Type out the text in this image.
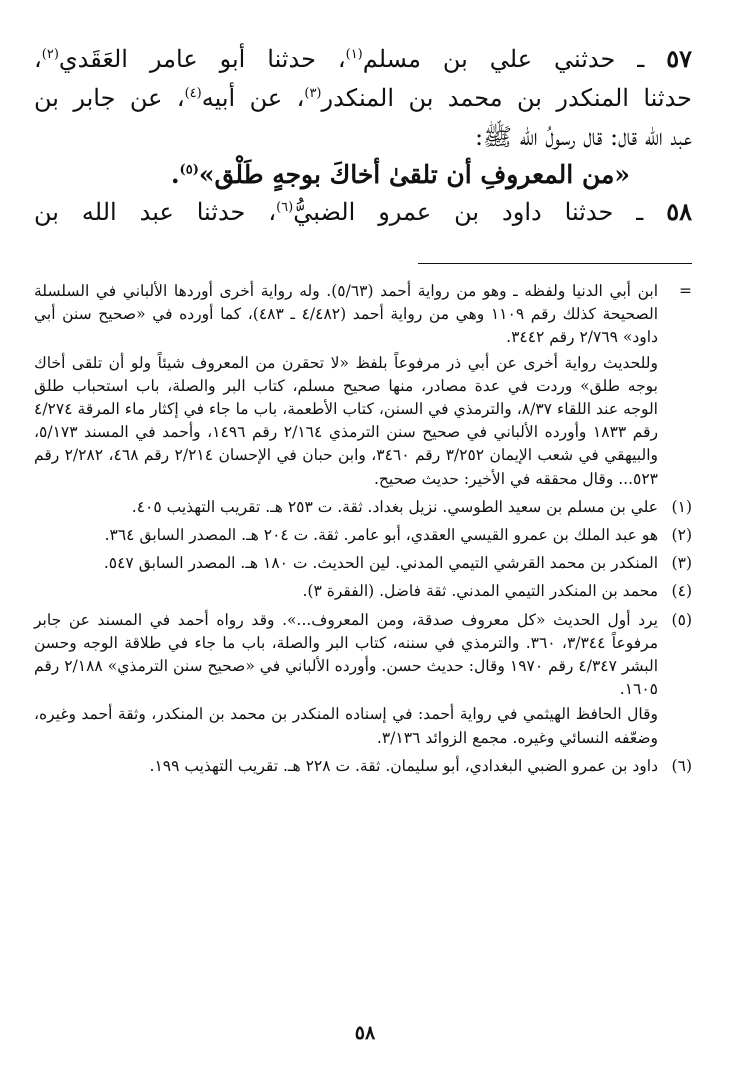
٥٧ ـ حدثني علي بن مسلم$^{(١)}$، حدثنا أبو عامر العَقَدي$^{(٢)}$،
حدثنا المنكدر بن محمد بن المنكدر$^{(٣)}$، عن أبيه$^{(٤)}$، عن جابر بن
عبد الله قال: قال رسولُ الله ﷺ:
«من المعروفِ أن تلقىٰ أخاكَ بوجهٍ طَلْق»$^{(٥)}$.
٥٨ ـ حدثنا داود بن عمرو الضبيُّ$^{(٦)}$، حدثنا عبد الله بن
=

ابن أبي الدنيا ولفظه ـ وهو من رواية أحمد (٥/٦٣). وله رواية أخرى أوردها الألباني في السلسلة الصحيحة كذلك رقم ١١٠٩ وهي من رواية أحمد (٤/٤٨٢ ـ ٤٨٣)، كما أورده في «صحيح سنن أبي داود» ٢/٧٦٩ رقم ٣٤٤٢.

وللحديث رواية أخرى عن أبي ذر مرفوعاً بلفظ «لا تحقرن من المعروف شيئاً ولو أن تلقى أخاك بوجه طلق» وردت في عدة مصادر، منها صحيح مسلم، كتاب البر والصلة، باب استحباب طلق الوجه عند اللقاء ٨/٣٧، والترمذي في السنن، كتاب الأطعمة، باب ما جاء في إكثار ماء المرقة ٤/٢٧٤ رقم ١٨٣٣ وأورده الألباني في صحيح سنن الترمذي ٢/١٦٤ رقم ١٤٩٦، وأحمد في المسند ٥/١٧٣، والبيهقي في شعب الإيمان ٣/٢٥٢ رقم ٣٤٦٠، وابن حبان في الإحسان ٢/٢١٤ رقم ٤٦٨، ٢/٢٨٢ رقم ٥٢٣... وقال محققه في الأخير: حديث صحيح.

(١)

علي بن مسلم بن سعيد الطوسي. نزيل بغداد. ثقة. ت ٢٥٣ هـ. تقريب التهذيب ٤٠٥.

(٢)

هو عبد الملك بن عمرو القيسي العقدي، أبو عامر. ثقة. ت ٢٠٤ هـ. المصدر السابق ٣٦٤.

(٣)

المنكدر بن محمد القرشي التيمي المدني. لين الحديث. ت ١٨٠ هـ. المصدر السابق ٥٤٧.

(٤)

محمد بن المنكدر التيمي المدني. ثقة فاضل. (الفقرة ٣).

(٥)

يرد أول الحديث «كل معروف صدقة، ومن المعروف...». وقد رواه أحمد في المسند عن جابر مرفوعاً ٣/٣٤٤، ٣٦٠. والترمذي في سننه، كتاب البر والصلة، باب ما جاء في طلاقة الوجه وحسن البشر ٤/٣٤٧ رقم ١٩٧٠ وقال: حديث حسن. وأورده الألباني في «صحيح سنن الترمذي» ٢/١٨٨ رقم ١٦٠٥.

وقال الحافظ الهيثمي في رواية أحمد: في إسناده المنكدر بن محمد بن المنكدر، وثقة أحمد وغيره، وضعّفه النسائي وغيره. مجمع الزوائد ٣/١٣٦.

(٦)

داود بن عمرو الضبي البغدادي، أبو سليمان. ثقة. ت ٢٢٨ هـ. تقريب التهذيب ١٩٩.

٥٨
